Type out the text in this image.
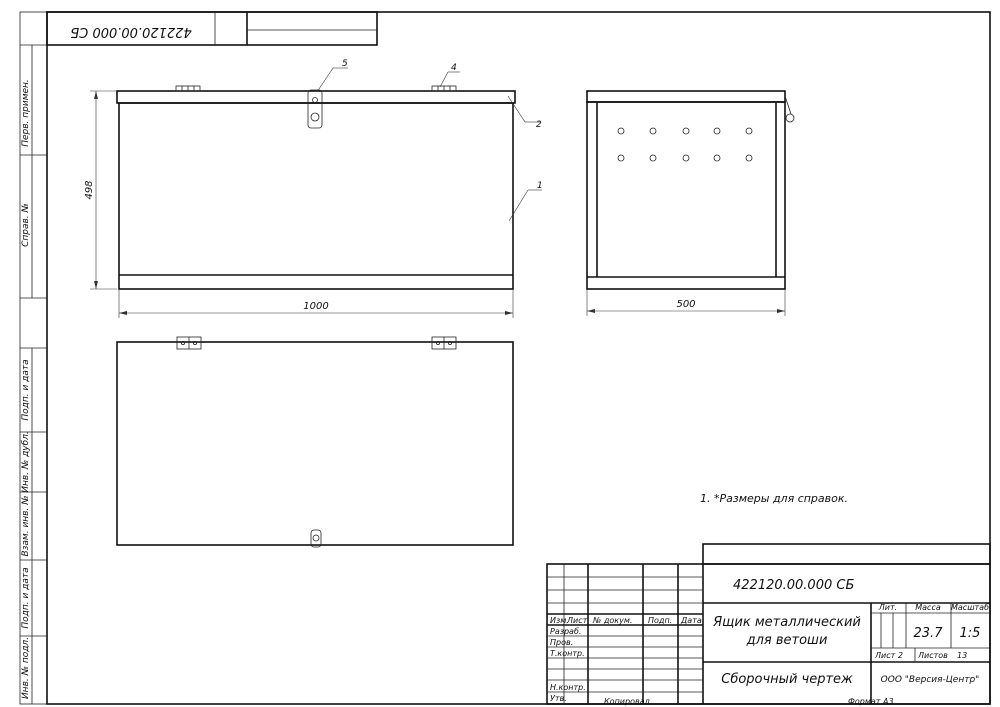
422120.00.000 СБ
Перв. примен.
Справ. №
Подп. и дата
Инв. № дубл.
Взам. инв. №
Подп. и дата
Инв. № подл.
498
1000
5	4
2
1
500
1. *Размеры для справок.
Изм.
Лист № докум. Подп. Дата
Разраб.
Пров.
Т.контр.
Н.контр.
Утв.
422120.00.000 СБ
Ящик металлический
для ветоши
Сборочный чертеж	ООО "Версия-Центр"
Лит. Масса Масштаб
23.7 1:5
Лист 2 Листов 13
Копировал	Формат А3
